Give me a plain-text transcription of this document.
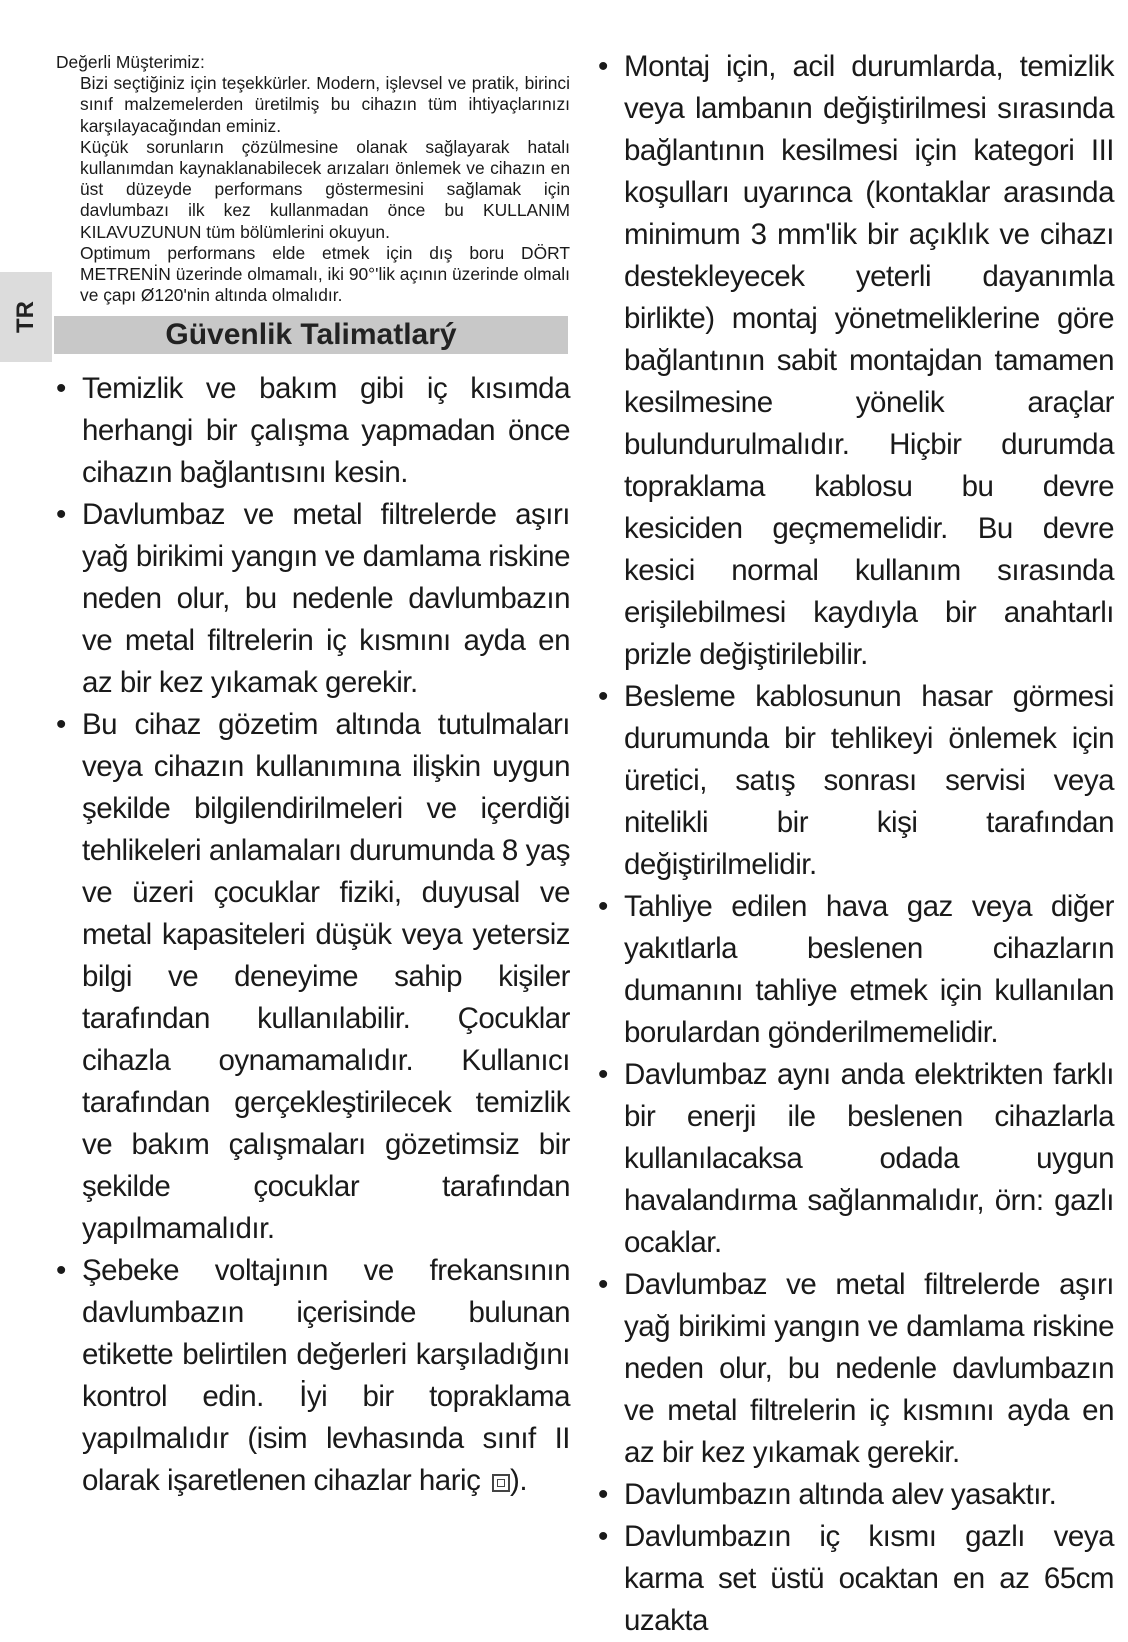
TR

Değerli Müşterimiz:

Bizi seçtiğiniz için teşekkürler. Modern, işlevsel ve pratik, birinci sınıf malzemelerden üretilmiş bu cihazın tüm ihtiyaçlarınızı karşılayacağından eminiz.

Küçük sorunların çözülmesine olanak sağlayarak hatalı kullanımdan kaynaklanabilecek arızaları önlemek ve cihazın en üst düzeyde performans göstermesini sağlamak için davlumbazı ilk kez kullanmadan önce bu KULLANIM KILAVUZUNUN tüm bölümlerini okuyun.

Optimum performans elde etmek için dış boru DÖRT METRENİN üzerinde olmamalı, iki 90°'lik açının üzerinde olmalı ve çapı Ø120'nin altında olmalıdır.

Güvenlik Talimatlarý
• Temizlik ve bakım gibi iç kısımda herhangi bir çalışma yapmadan önce cihazın bağlantısını kesin.
• Davlumbaz ve metal filtrelerde aşırı yağ birikimi yangın ve damlama riskine neden olur, bu nedenle davlumbazın ve metal filtrelerin iç kısmını ayda en az bir kez yıkamak gerekir.
• Bu cihaz gözetim altında tutulmaları veya cihazın kullanımına ilişkin uygun şekilde bilgilendirilmeleri ve içerdiği tehlikeleri anlamaları durumunda 8 yaş ve üzeri çocuklar fiziki, duyusal ve metal kapasiteleri düşük veya yetersiz bilgi ve deneyime sahip kişiler tarafından kullanılabilir. Çocuklar cihazla oynamamalıdır. Kullanıcı tarafından gerçekleştirilecek temizlik ve bakım çalışmaları gözetimsiz bir şekilde çocuklar tarafından yapılmamalıdır.
• Şebeke voltajının ve frekansının davlumbazın içerisinde bulunan etikette belirtilen değerleri karşıladığını kontrol edin. İyi bir topraklama yapılmalıdır (isim levhasında sınıf II olarak işaretlenen cihazlar hariç ).
• Montaj için, acil durumlarda, temizlik veya lambanın değiştirilmesi sırasında bağlantının kesilmesi için kategori III koşulları uyarınca (kontaklar arasında minimum 3 mm'lik bir açıklık ve cihazı destekleyecek yeterli dayanımla birlikte) montaj yönetmeliklerine göre bağlantının sabit montajdan tamamen kesilmesine yönelik araçlar bulundurulmalıdır. Hiçbir durumda topraklama kablosu bu devre kesiciden geçmemelidir. Bu devre kesici normal kullanım sırasında erişilebilmesi kaydıyla bir anahtarlı prizle değiştirilebilir.
• Besleme kablosunun hasar görmesi durumunda bir tehlikeyi önlemek için üretici, satış sonrası servisi veya nitelikli bir kişi tarafından değiştirilmelidir.
• Tahliye edilen hava gaz veya diğer yakıtlarla beslenen cihazların dumanını tahliye etmek için kullanılan borulardan gönderilmemelidir.
• Davlumbaz aynı anda elektrikten farklı bir enerji ile beslenen cihazlarla kullanılacaksa odada uygun havalandırma sağlanmalıdır, örn: gazlı ocaklar.
• Davlumbaz ve metal filtrelerde aşırı yağ birikimi yangın ve damlama riskine neden olur, bu nedenle davlumbazın ve metal filtrelerin iç kısmını ayda en az bir kez yıkamak gerekir.
• Davlumbazın altında alev yasaktır.
• Davlumbazın iç kısmı gazlı veya karma set üstü ocaktan en az 65cm uzakta
